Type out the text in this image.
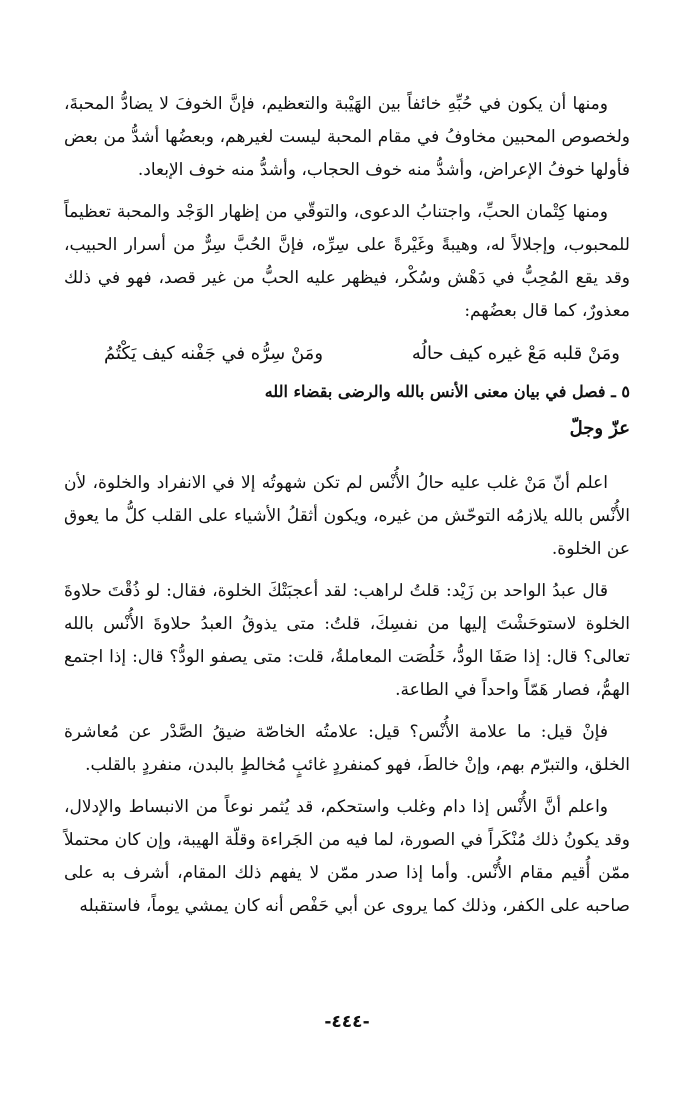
ومنها أن يكون في حُبِّهِ خائفاً بين الهَيْبة والتعظيم، فإنَّ الخوفَ لا يضادُّ المحبةَ، ولخصوص المحبين مخاوفُ في مقام المحبة ليست لغيرهم، وبعضُها أشدُّ من بعض فأولها خوفُ الإعراض، وأشدُّ منه خوف الحجاب، وأشدُّ منه خوف الإبعاد.

ومنها كِتْمان الحبِّ، واجتنابُ الدعوى، والتوقّي من إظهار الوَجْد والمحبة تعظيماً للمحبوب، وإجلالاً له، وهيبةً وغَيْرةً على سِرِّه، فإنَّ الحُبَّ سِرٌّ من أسرار الحبيب، وقد يقع المُحِبُّ في دَهْش وسُكْر، فيظهر عليه الحبُّ من غير قصد، فهو في ذلك معذورٌ، كما قال بعضُهم:

ومَنْ قلبه مَعْ غيره كيف حالُه
ومَنْ سِرُّه في جَفْنه كيف يَكْتُمُ
٥ ـ فصل في بيان معنى الأنس بالله والرضى بقضاء الله
عزّ وجلّ

اعلم أنّ مَنْ غلب عليه حالُ الأُنْس لم تكن شهوتُه إلا في الانفراد والخلوة، لأن الأُنْس بالله يلازمُه التوحّش من غيره، ويكون أثقلُ الأشياء على القلب كلُّ ما يعوق عن الخلوة.

قال عبدُ الواحد بن زَيْد: قلتُ لراهب: لقد أعجبَتْكَ الخلوة، فقال: لو ذُقْتَ حلاوةَ الخلوة لاستوحَشْتَ إليها من نفسِكَ، قلتُ: متى يذوقُ العبدُ حلاوةَ الأُنْس بالله تعالى؟ قال: إذا صَفَا الودُّ، خَلُصَت المعاملةُ، قلت: متى يصفو الودُّ؟ قال: إذا اجتمع الهمُّ، فصار هَمّاً واحداً في الطاعة.

فإنْ قيل: ما علامة الأُنْس؟ قيل: علامتُه الخاصّة ضيقُ الصَّدْر عن مُعاشرة الخلق، والتبرّم بهم، وإنْ خالطَ، فهو كمنفردٍ غائبٍ مُخالطٍ بالبدن، منفردٍ بالقلب.

واعلم أنَّ الأُنْس إذا دام وغلب واستحكم، قد يُثمر نوعاً من الانبساط والإدلال، وقد يكونُ ذلك مُنْكَراً في الصورة، لما فيه من الجَراءة وقلّة الهيبة، وإن كان محتملاً ممّن أُقيم مقام الأُنْس. وأما إذا صدر ممّن لا يفهم ذلك المقام، أشرف به على صاحبه على الكفر، وذلك كما يروى عن أبي حَفْص أنه كان يمشي يوماً، فاستقبله

-٤٤٤-
